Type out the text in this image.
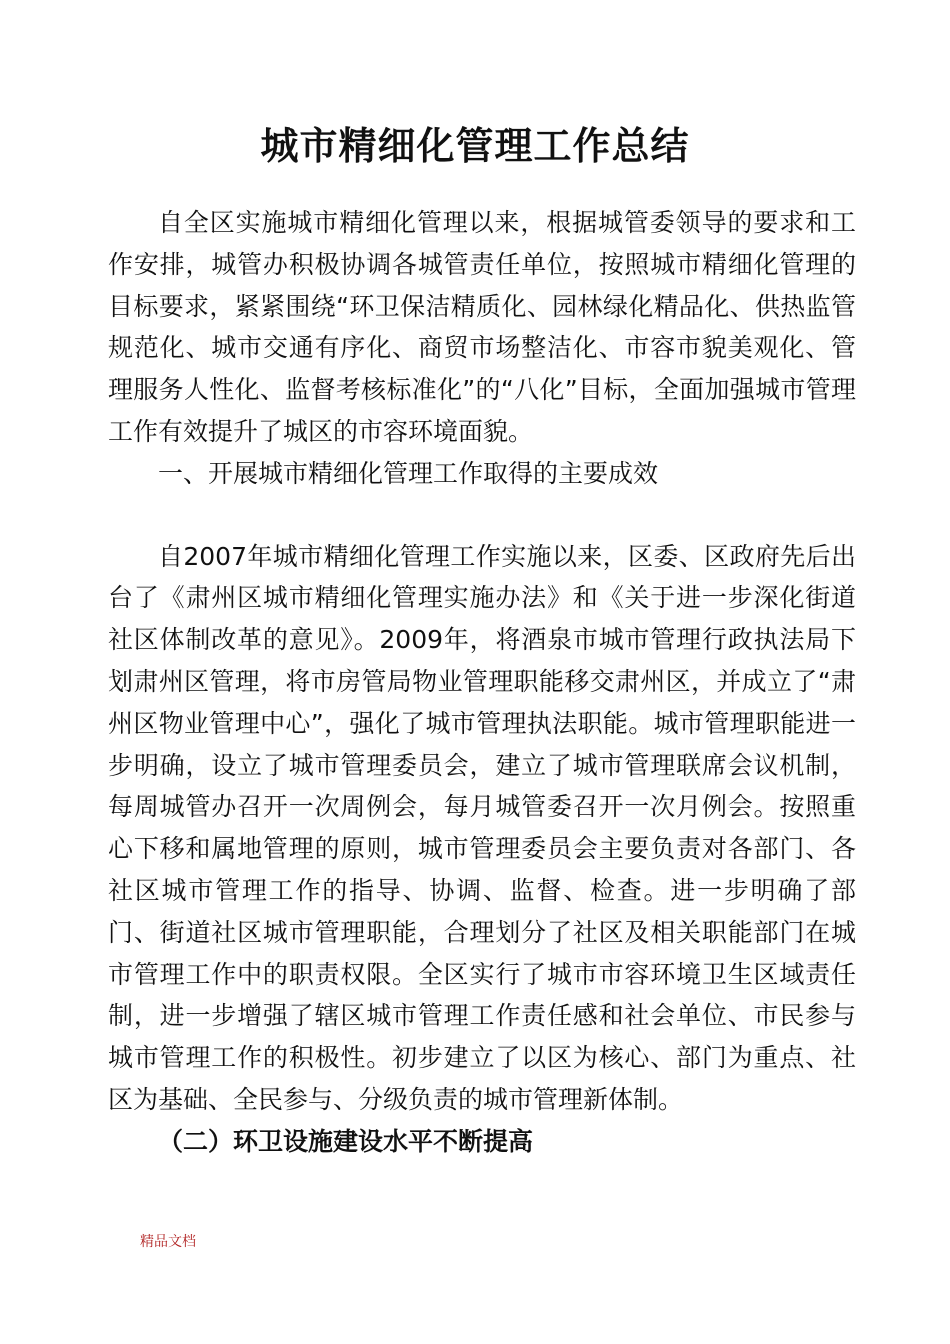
城市精细化管理工作总结

自全区实施城市精细化管理以来，根据城管委领导的要求和工作安排，城管办积极协调各城管责任单位，按照城市精细化管理的目标要求，紧紧围绕“环卫保洁精质化、园林绿化精品化、供热监管规范化、城市交通有序化、商贸市场整洁化、市容市貌美观化、管理服务人性化、监督考核标准化”的“八化”目标，全面加强城市管理工作有效提升了城区的市容环境面貌。

一、开展城市精细化管理工作取得的主要成效

自2007年城市精细化管理工作实施以来，区委、区政府先后出台了《肃州区城市精细化管理实施办法》和《关于进一步深化街道社区体制改革的意见》。2009年，将酒泉市城市管理行政执法局下划肃州区管理，将市房管局物业管理职能移交肃州区，并成立了“肃州区物业管理中心”，强化了城市管理执法职能。城市管理职能进一步明确，设立了城市管理委员会，建立了城市管理联席会议机制，每周城管办召开一次周例会，每月城管委召开一次月例会。按照重心下移和属地管理的原则，城市管理委员会主要负责对各部门、各社区城市管理工作的指导、协调、监督、检查。进一步明确了部门、街道社区城市管理职能，合理划分了社区及相关职能部门在城市管理工作中的职责权限。全区实行了城市市容环境卫生区域责任制，进一步增强了辖区城市管理工作责任感和社会单位、市民参与城市管理工作的积极性。初步建立了以区为核心、部门为重点、社区为基础、全民参与、分级负责的城市管理新体制。

（二）环卫设施建设水平不断提高

精品文档
